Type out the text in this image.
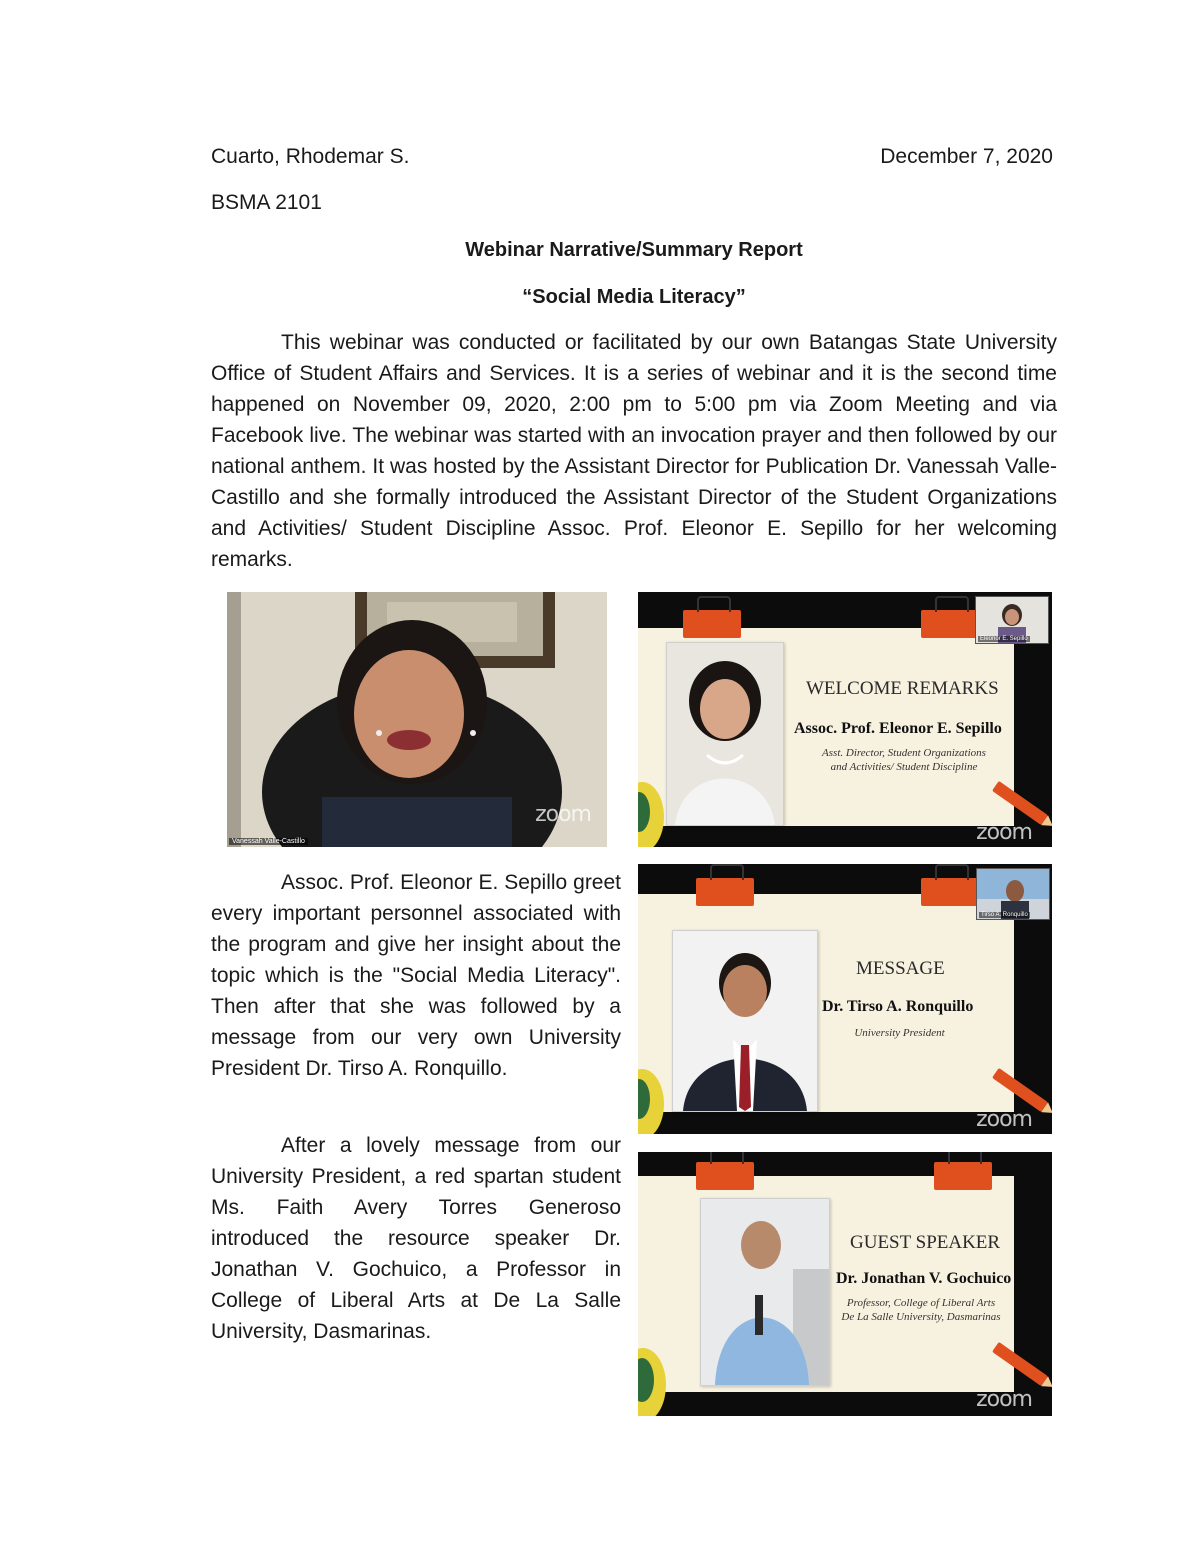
Cuarto, Rhodemar S.	December 7, 2020
BSMA 2101
Webinar Narrative/Summary Report
“Social Media Literacy”
This webinar was conducted or facilitated by our own Batangas State University Office of Student Affairs and Services. It is a series of webinar and it is the second time happened on November 09, 2020, 2:00 pm to 5:00 pm via Zoom Meeting and via Facebook live. The webinar was started with an invocation prayer and then followed by our national anthem. It was hosted by the Assistant Director for Publication Dr. Vanessah Valle-Castillo and she formally introduced the Assistant Director of the Student Organizations and Activities/ Student Discipline Assoc. Prof. Eleonor E. Sepillo for her welcoming remarks.
Vanessah Valle-Castillo
zoom
WELCOME REMARKS
Assoc. Prof. Eleonor E. Sepillo
Asst. Director, Student Organizations
and Activities/ Student Discipline
Eleonor E. Sepillo
zoom
Assoc. Prof. Eleonor E. Sepillo greet every important personnel associated with the program and give her insight about the topic which is the "Social Media Literacy". Then after that she was followed by a message from our very own University President Dr. Tirso A. Ronquillo.
MESSAGE
Dr. Tirso A. Ronquillo
University President
Tirso A. Ronquillo
zoom
After a lovely message from our University President, a red spartan student Ms. Faith Avery Torres Generoso introduced the resource speaker Dr. Jonathan V. Gochuico, a Professor in College of Liberal Arts at De La Salle University, Dasmarinas.
GUEST SPEAKER
Dr. Jonathan V. Gochuico
Professor, College of Liberal Arts
De La Salle University, Dasmarinas
zoom
